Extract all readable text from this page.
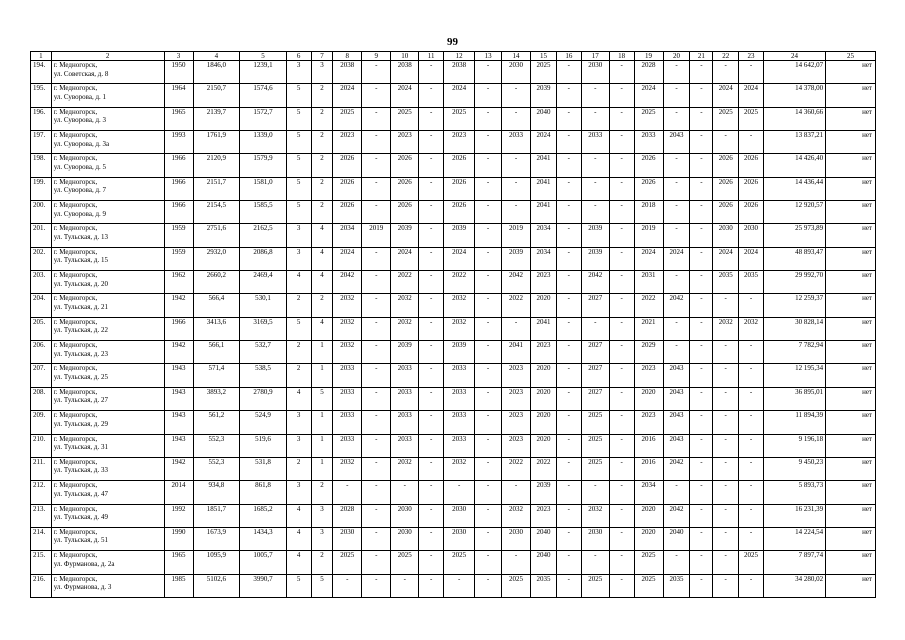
99
1	2	3	4	5	6	7	8	9	10	11	12	13	14	15	16	17	18	19	20	21	22	23	24	25
194.	г. Медногорск,
ул. Советская, д. 8	1950	1846,0	1239,1	3	3	2038	-	2038	-	2038	-	2030	2025	-	2030	-	2028	-	-	-	-	14 642,07	нет
195.	г. Медногорск,
ул. Суворова, д. 1	1964	2150,7	1574,6	5	2	2024	-	2024	-	2024	-	-	2039	-	-	-	2024	-	-	2024	2024	14 378,00	нет
196.	г. Медногорск,
ул. Суворова, д. 3	1965	2139,7	1572,7	5	2	2025	-	2025	-	2025	-	-	2040	-	-	-	2025	-	-	2025	2025	14 360,66	нет
197.	г. Медногорск,
ул. Суворова, д. 3а	1993	1761,9	1339,0	5	2	2023	-	2023	-	2023	-	2033	2024	-	2033	-	2033	2043	-	-	-	13 837,21	нет
198.	г. Медногорск,
ул. Суворова, д. 5	1966	2120,9	1579,9	5	2	2026	-	2026	-	2026	-	-	2041	-	-	-	2026	-	-	2026	2026	14 426,40	нет
199.	г. Медногорск,
ул. Суворова, д. 7	1966	2151,7	1581,0	5	2	2026	-	2026	-	2026	-	-	2041	-	-	-	2026	-	-	2026	2026	14 436,44	нет
200.	г. Медногорск,
ул. Суворова, д. 9	1966	2154,5	1585,5	5	2	2026	-	2026	-	2026	-	-	2041	-	-	-	2018	-	-	2026	2026	12 920,57	нет
201.	г. Медногорск,
ул. Тульская, д. 13	1959	2751,6	2162,5	3	4	2034	2019	2039	-	2039	-	2019	2034	-	2039	-	2019	-	-	2030	2030	25 973,89	нет
202.	г. Медногорск,
ул. Тульская, д. 15	1959	2932,0	2086,8	3	4	2024	-	2024	-	2024	-	2039	2034	-	2039	-	2024	2024	-	2024	2024	48 893,47	нет
203.	г. Медногорск,
ул. Тульская, д. 20	1962	2660,2	2469,4	4	4	2042	-	2022	-	2022	-	2042	2023	-	2042	-	2031	-	-	2035	2035	29 992,70	нет
204.	г. Медногорск,
ул. Тульская, д. 21	1942	566,4	530,1	2	2	2032	-	2032	-	2032	-	2022	2020	-	2027	-	2022	2042	-	-	-	12 259,37	нет
205.	г. Медногорск,
ул. Тульская, д. 22	1966	3413,6	3169,5	5	4	2032	-	2032	-	2032	-	-	2041	-	-	-	2021	-	-	2032	2032	30 828,14	нет
206.	г. Медногорск,
ул. Тульская, д. 23	1942	566,1	532,7	2	1	2032	-	2039	-	2039	-	2041	2023	-	2027	-	2029	-	-	-	-	7 782,94	нет
207.	г. Медногорск,
ул. Тульская, д. 25	1943	571,4	538,5	2	1	2033	-	2033	-	2033	-	2023	2020	-	2027	-	2023	2043	-	-	-	12 195,34	нет
208.	г. Медногорск,
ул. Тульская, д. 27	1943	3893,2	2780,9	4	5	2033	-	2033	-	2033	-	2023	2020	-	2027	-	2020	2043	-	-	-	36 895,01	нет
209.	г. Медногорск,
ул. Тульская, д. 29	1943	561,2	524,9	3	1	2033	-	2033	-	2033	-	2023	2020	-	2025	-	2023	2043	-	-	-	11 894,39	нет
210.	г. Медногорск,
ул. Тульская, д. 31	1943	552,3	519,6	3	1	2033	-	2033	-	2033	-	2023	2020	-	2025	-	2016	2043	-	-	-	9 196,18	нет
211.	г. Медногорск,
ул. Тульская, д. 33	1942	552,3	531,8	2	1	2032	-	2032	-	2032	-	2022	2022	-	2025	-	2016	2042	-	-	-	9 450,23	нет
212.	г. Медногорск,
ул. Тульская, д. 47	2014	934,8	861,8	3	2	-	-	-	-	-	-	-	2039	-	-	-	2034	-	-	-	-	5 893,73	нет
213.	г. Медногорск,
ул. Тульская, д. 49	1992	1851,7	1685,2	4	3	2028	-	2030	-	2030	-	2032	2023	-	2032	-	2020	2042	-	-	-	16 231,39	нет
214.	г. Медногорск,
ул. Тульская, д. 51	1990	1673,9	1434,3	4	3	2030	-	2030	-	2030	-	2030	2040	-	2030	-	2020	2040	-	-	-	14 224,54	нет
215.	г. Медногорск,
ул. Фурманова, д. 2а	1965	1095,9	1005,7	4	2	2025	-	2025	-	2025	-	-	2040	-	-	-	2025	-	-	-	2025	7 897,74	нет
216.	г. Медногорск,
ул. Фурманова, д. 3	1985	5102,6	3990,7	5	5	-	-	-	-	-	-	2025	2035	-	2025	-	2025	2035	-	-	-	34 280,02	нет
